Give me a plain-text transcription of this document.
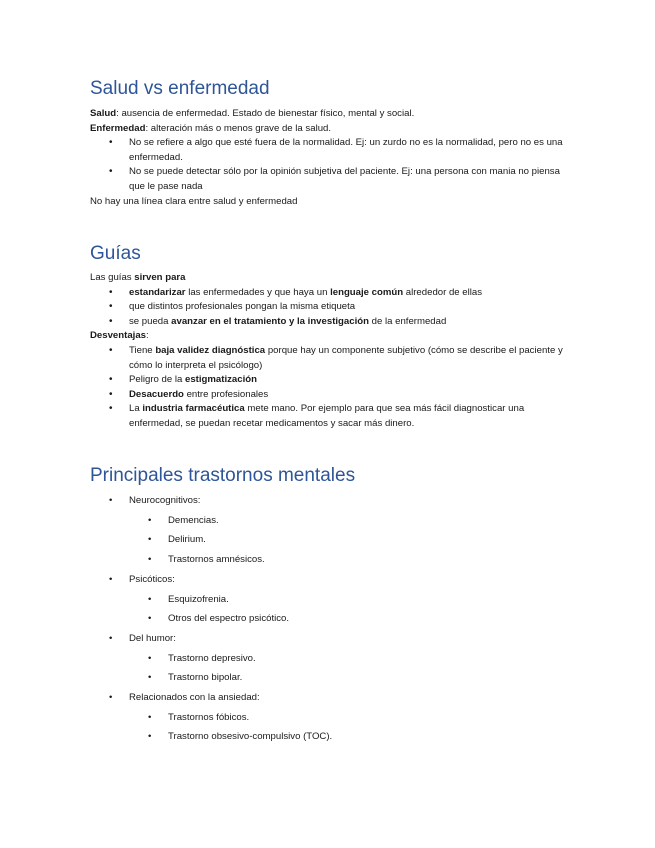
Salud vs enfermedad

Salud: ausencia de enfermedad. Estado de bienestar físico, mental y social.

Enfermedad: alteración más o menos grave de la salud.

• No se refiere a algo que esté fuera de la normalidad. Ej: un zurdo no es la normalidad, pero no es una enfermedad.
• No se puede detectar sólo por la opinión subjetiva del paciente. Ej: una persona con mania no piensa que le pase nada

No hay una línea clara entre salud y enfermedad

Guías

Las guías sirven para

• estandarizar las enfermedades y que haya un lenguaje común alrededor de ellas
• que distintos profesionales pongan la misma etiqueta
• se pueda avanzar en el tratamiento y la investigación de la enfermedad

Desventajas:

• Tiene baja validez diagnóstica porque hay un componente subjetivo (cómo se describe el paciente y cómo lo interpreta el psicólogo)
• Peligro de la estigmatización
• Desacuerdo entre profesionales
• La industria farmacéutica mete mano. Por ejemplo para que sea más fácil diagnosticar una enfermedad, se puedan recetar medicamentos y sacar más dinero.
Principales trastornos mentales
• Neurocognitivos:
• Demencias.
• Delirium.
• Trastornos amnésicos.
• Psicóticos:
• Esquizofrenia.
• Otros del espectro psicótico.
• Del humor:
• Trastorno depresivo.
• Trastorno bipolar.
• Relacionados con la ansiedad:
• Trastornos fóbicos.
• Trastorno obsesivo-compulsivo (TOC).
